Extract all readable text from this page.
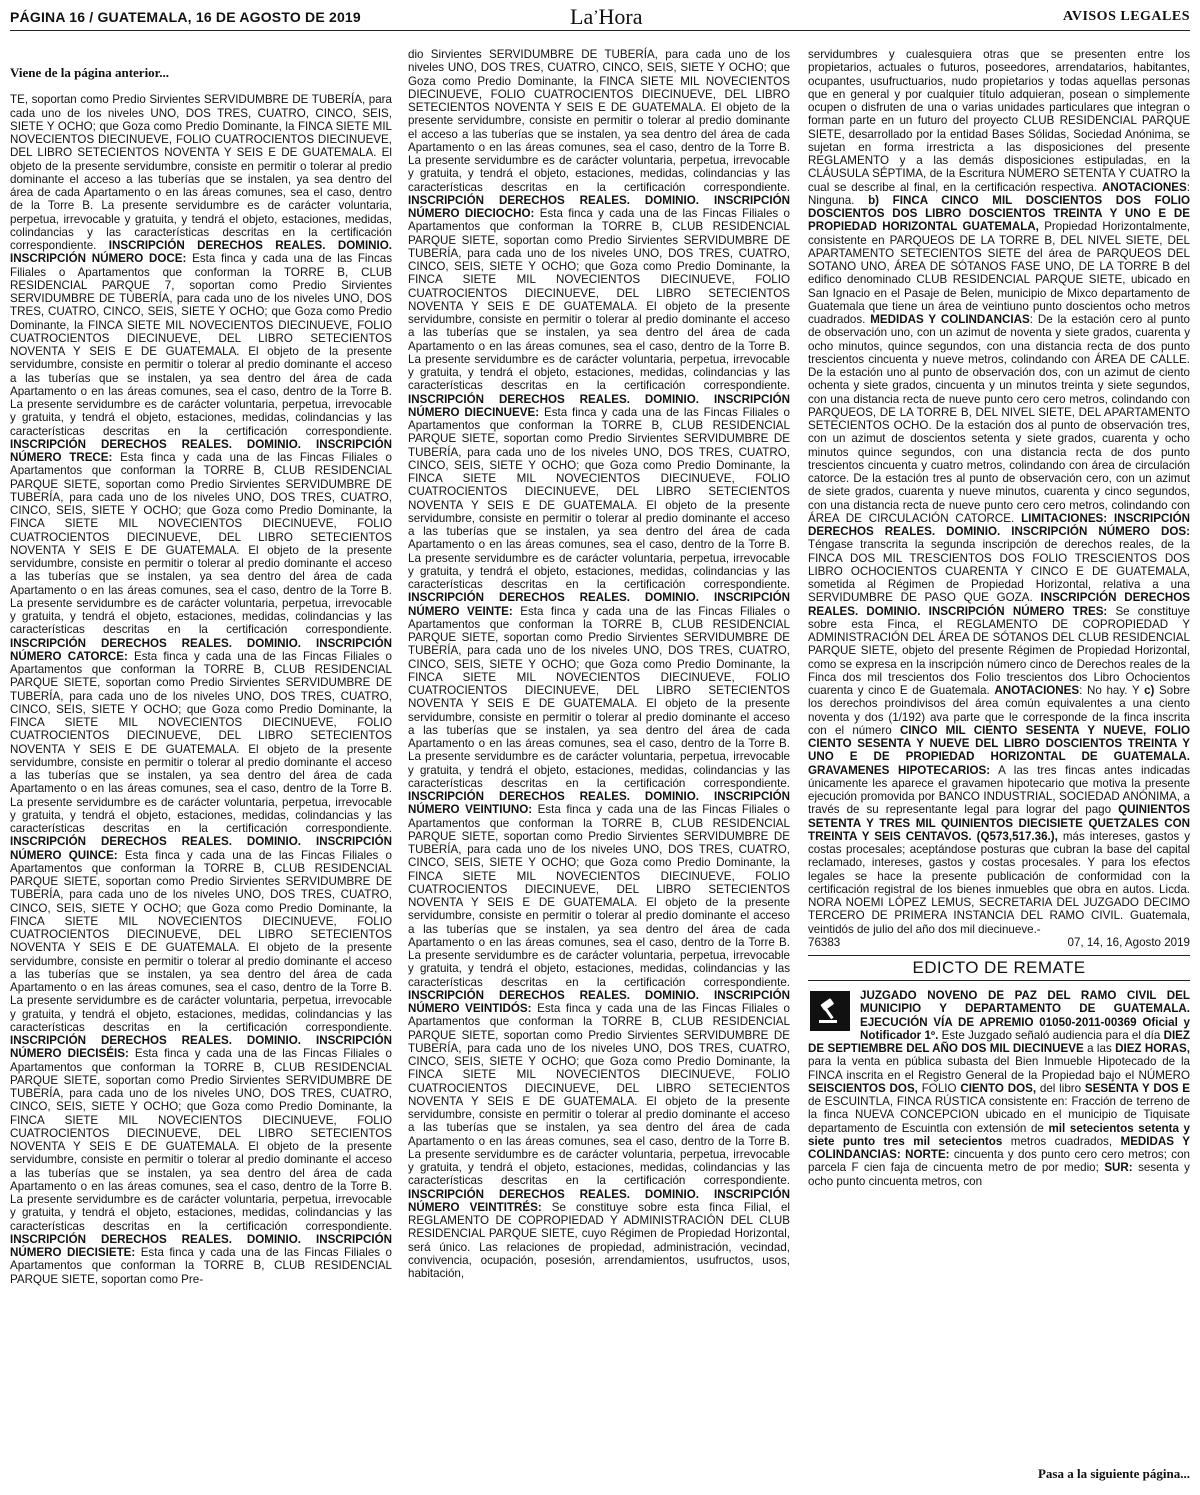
PÁGINA 16 / GUATEMALA, 16 DE AGOSTO DE 2019	La’Hora	AVISOS LEGALES
Viene de la página anterior...

TE, soportan como Predio Sirvientes SERVIDUMBRE DE TUBERÍA, para cada uno de los niveles UNO, DOS TRES, CUATRO, CINCO, SEIS, SIETE Y OCHO; que Goza como Predio Dominante, la FINCA SIETE MIL NOVECIENTOS DIECINUEVE, FOLIO CUATROCIENTOS DIECINUEVE, DEL LIBRO SETECIENTOS NOVENTA Y SEIS E DE GUATEMALA. El objeto de la presente servidumbre, consiste en permitir o tolerar al predio dominante el acceso a las tuberías que se instalen, ya sea dentro del área de cada Apartamento o en las áreas comunes, sea el caso, dentro de la Torre B. La presente servidumbre es de carácter voluntaria, perpetua, irrevocable y gratuita, y tendrá el objeto, estaciones, medidas, colindancias y las características descritas en la certificación correspondiente. INSCRIPCIÓN DERECHOS REALES. DOMINIO. INSCRIPCIÓN NÚMERO DOCE: Esta finca y cada una de las Fincas Filiales o Apartamentos que conforman la TORRE B, CLUB RESIDENCIAL PARQUE 7, soportan como Predio Sirvientes SERVIDUMBRE DE TUBERÍA, para cada uno de los niveles UNO, DOS TRES, CUATRO, CINCO, SEIS, SIETE Y OCHO; que Goza como Predio Dominante, la FINCA SIETE MIL NOVECIENTOS DIECINUEVE, FOLIO CUATROCIENTOS DIECINUEVE, DEL LIBRO SETECIENTOS NOVENTA Y SEIS E DE GUATEMALA. El objeto de la presente servidumbre, consiste en permitir o tolerar al predio dominante el acceso a las tuberías que se instalen, ya sea dentro del área de cada Apartamento o en las áreas comunes, sea el caso, dentro de la Torre B. La presente servidumbre es de carácter voluntaria, perpetua, irrevocable y gratuita, y tendrá el objeto, estaciones, medidas, colindancias y las características descritas en la certificación correspondiente. INSCRIPCIÓN DERECHOS REALES. DOMINIO. INSCRIPCIÓN NÚMERO TRECE: Esta finca y cada una de las Fincas Filiales o Apartamentos que conforman la TORRE B, CLUB RESIDENCIAL PARQUE SIETE, soportan como Predio Sirvientes SERVIDUMBRE DE TUBERÍA, para cada uno de los niveles UNO, DOS TRES, CUATRO, CINCO, SEIS, SIETE Y OCHO; que Goza como Predio Dominante, la FINCA SIETE MIL NOVECIENTOS DIECINUEVE, FOLIO CUATROCIENTOS DIECINUEVE, DEL LIBRO SETECIENTOS NOVENTA Y SEIS E DE GUATEMALA. El objeto de la presente servidumbre, consiste en permitir o tolerar al predio dominante el acceso a las tuberías que se instalen, ya sea dentro del área de cada Apartamento o en las áreas comunes, sea el caso, dentro de la Torre B. La presente servidumbre es de carácter voluntaria, perpetua, irrevocable y gratuita, y tendrá el objeto, estaciones, medidas, colindancias y las características descritas en la certificación correspondiente. INSCRIPCIÓN DERECHOS REALES. DOMINIO. INSCRIPCIÓN NÚMERO CATORCE: Esta finca y cada una de las Fincas Filiales o Apartamentos que conforman la TORRE B, CLUB RESIDENCIAL PARQUE SIETE, soportan como Predio Sirvientes SERVIDUMBRE DE TUBERÍA, para cada uno de los niveles UNO, DOS TRES, CUATRO, CINCO, SEIS, SIETE Y OCHO; que Goza como Predio Dominante, la FINCA SIETE MIL NOVECIENTOS DIECINUEVE, FOLIO CUATROCIENTOS DIECINUEVE, DEL LIBRO SETECIENTOS NOVENTA Y SEIS E DE GUATEMALA. El objeto de la presente servidumbre, consiste en permitir o tolerar al predio dominante el acceso a las tuberías que se instalen, ya sea dentro del área de cada Apartamento o en las áreas comunes, sea el caso, dentro de la Torre B. La presente servidumbre es de carácter voluntaria, perpetua, irrevocable y gratuita, y tendrá el objeto, estaciones, medidas, colindancias y las características descritas en la certificación correspondiente. INSCRIPCIÓN DERECHOS REALES. DOMINIO. INSCRIPCIÓN NÚMERO QUINCE: Esta finca y cada una de las Fincas Filiales o Apartamentos que conforman la TORRE B, CLUB RESIDENCIAL PARQUE SIETE, soportan como Predio Sirvientes SERVIDUMBRE DE TUBERÍA, para cada uno de los niveles UNO, DOS TRES, CUATRO, CINCO, SEIS, SIETE Y OCHO; que Goza como Predio Dominante, la FINCA SIETE MIL NOVECIENTOS DIECINUEVE, FOLIO CUATROCIENTOS DIECINUEVE, DEL LIBRO SETECIENTOS NOVENTA Y SEIS E DE GUATEMALA. El objeto de la presente servidumbre, consiste en permitir o tolerar al predio dominante el acceso a las tuberías que se instalen, ya sea dentro del área de cada Apartamento o en las áreas comunes, sea el caso, dentro de la Torre B. La presente servidumbre es de carácter voluntaria, perpetua, irrevocable y gratuita, y tendrá el objeto, estaciones, medidas, colindancias y las características descritas en la certificación correspondiente. INSCRIPCIÓN DERECHOS REALES. DOMINIO. INSCRIPCIÓN NÚMERO DIECISÉIS: Esta finca y cada una de las Fincas Filiales o Apartamentos que conforman la TORRE B, CLUB RESIDENCIAL PARQUE SIETE, soportan como Predio Sirvientes SERVIDUMBRE DE TUBERÍA, para cada uno de los niveles UNO, DOS TRES, CUATRO, CINCO, SEIS, SIETE Y OCHO; que Goza como Predio Dominante, la FINCA SIETE MIL NOVECIENTOS DIECINUEVE, FOLIO CUATROCIENTOS DIECINUEVE, DEL LIBRO SETECIENTOS NOVENTA Y SEIS E DE GUATEMALA. El objeto de la presente servidumbre, consiste en permitir o tolerar al predio dominante el acceso a las tuberías que se instalen, ya sea dentro del área de cada Apartamento o en las áreas comunes, sea el caso, dentro de la Torre B. La presente servidumbre es de carácter voluntaria, perpetua, irrevocable y gratuita, y tendrá el objeto, estaciones, medidas, colindancias y las características descritas en la certificación correspondiente. INSCRIPCIÓN DERECHOS REALES. DOMINIO. INSCRIPCIÓN NÚMERO DIECISIETE: Esta finca y cada una de las Fincas Filiales o Apartamentos que conforman la TORRE B, CLUB RESIDENCIAL PARQUE SIETE, soportan como Pre-

dio Sirvientes SERVIDUMBRE DE TUBERÍA, para cada uno de los niveles UNO, DOS TRES, CUATRO, CINCO, SEIS, SIETE Y OCHO; que Goza como Predio Dominante, la FINCA SIETE MIL NOVECIENTOS DIECINUEVE, FOLIO CUATROCIENTOS DIECINUEVE, DEL LIBRO SETECIENTOS NOVENTA Y SEIS E DE GUATEMALA. El objeto de la presente servidumbre, consiste en permitir o tolerar al predio dominante el acceso a las tuberías que se instalen, ya sea dentro del área de cada Apartamento o en las áreas comunes, sea el caso, dentro de la Torre B. La presente servidumbre es de carácter voluntaria, perpetua, irrevocable y gratuita, y tendrá el objeto, estaciones, medidas, colindancias y las características descritas en la certificación correspondiente. INSCRIPCIÓN DERECHOS REALES. DOMINIO. INSCRIPCIÓN NÚMERO DIECIOCHO: Esta finca y cada una de las Fincas Filiales o Apartamentos que conforman la TORRE B, CLUB RESIDENCIAL PARQUE SIETE, soportan como Predio Sirvientes SERVIDUMBRE DE TUBERÍA, para cada uno de los niveles UNO, DOS TRES, CUATRO, CINCO, SEIS, SIETE Y OCHO; que Goza como Predio Dominante, la FINCA SIETE MIL NOVECIENTOS DIECINUEVE, FOLIO CUATROCIENTOS DIECINUEVE, DEL LIBRO SETECIENTOS NOVENTA Y SEIS E DE GUATEMALA. El objeto de la presente servidumbre, consiste en permitir o tolerar al predio dominante el acceso a las tuberías que se instalen, ya sea dentro del área de cada Apartamento o en las áreas comunes, sea el caso, dentro de la Torre B. La presente servidumbre es de carácter voluntaria, perpetua, irrevocable y gratuita, y tendrá el objeto, estaciones, medidas, colindancias y las características descritas en la certificación correspondiente. INSCRIPCIÓN DERECHOS REALES. DOMINIO. INSCRIPCIÓN NÚMERO DIECINUEVE: Esta finca y cada una de las Fincas Filiales o Apartamentos que conforman la TORRE B, CLUB RESIDENCIAL PARQUE SIETE, soportan como Predio Sirvientes SERVIDUMBRE DE TUBERÍA, para cada uno de los niveles UNO, DOS TRES, CUATRO, CINCO, SEIS, SIETE Y OCHO; que Goza como Predio Dominante, la FINCA SIETE MIL NOVECIENTOS DIECINUEVE, FOLIO CUATROCIENTOS DIECINUEVE, DEL LIBRO SETECIENTOS NOVENTA Y SEIS E DE GUATEMALA. El objeto de la presente servidumbre, consiste en permitir o tolerar al predio dominante el acceso a las tuberías que se instalen, ya sea dentro del área de cada Apartamento o en las áreas comunes, sea el caso, dentro de la Torre B. La presente servidumbre es de carácter voluntaria, perpetua, irrevocable y gratuita, y tendrá el objeto, estaciones, medidas, colindancias y las características descritas en la certificación correspondiente. INSCRIPCIÓN DERECHOS REALES. DOMINIO. INSCRIPCIÓN NÚMERO VEINTE: Esta finca y cada una de las Fincas Filiales o Apartamentos que conforman la TORRE B, CLUB RESIDENCIAL PARQUE SIETE, soportan como Predio Sirvientes SERVIDUMBRE DE TUBERÍA, para cada uno de los niveles UNO, DOS TRES, CUATRO, CINCO, SEIS, SIETE Y OCHO; que Goza como Predio Dominante, la FINCA SIETE MIL NOVECIENTOS DIECINUEVE, FOLIO CUATROCIENTOS DIECINUEVE, DEL LIBRO SETECIENTOS NOVENTA Y SEIS E DE GUATEMALA. El objeto de la presente servidumbre, consiste en permitir o tolerar al predio dominante el acceso a las tuberías que se instalen, ya sea dentro del área de cada Apartamento o en las áreas comunes, sea el caso, dentro de la Torre B. La presente servidumbre es de carácter voluntaria, perpetua, irrevocable y gratuita, y tendrá el objeto, estaciones, medidas, colindancias y las características descritas en la certificación correspondiente. INSCRIPCIÓN DERECHOS REALES. DOMINIO. INSCRIPCIÓN NÚMERO VEINTIUNO: Esta finca y cada una de las Fincas Filiales o Apartamentos que conforman la TORRE B, CLUB RESIDENCIAL PARQUE SIETE, soportan como Predio Sirvientes SERVIDUMBRE DE TUBERÍA, para cada uno de los niveles UNO, DOS TRES, CUATRO, CINCO, SEIS, SIETE Y OCHO; que Goza como Predio Dominante, la FINCA SIETE MIL NOVECIENTOS DIECINUEVE, FOLIO CUATROCIENTOS DIECINUEVE, DEL LIBRO SETECIENTOS NOVENTA Y SEIS E DE GUATEMALA. El objeto de la presente servidumbre, consiste en permitir o tolerar al predio dominante el acceso a las tuberías que se instalen, ya sea dentro del área de cada Apartamento o en las áreas comunes, sea el caso, dentro de la Torre B. La presente servidumbre es de carácter voluntaria, perpetua, irrevocable y gratuita, y tendrá el objeto, estaciones, medidas, colindancias y las características descritas en la certificación correspondiente. INSCRIPCIÓN DERECHOS REALES. DOMINIO. INSCRIPCIÓN NÚMERO VEINTIDÓS: Esta finca y cada una de las Fincas Filiales o Apartamentos que conforman la TORRE B, CLUB RESIDENCIAL PARQUE SIETE, soportan como Predio Sirvientes SERVIDUMBRE DE TUBERÍA, para cada uno de los niveles UNO, DOS TRES, CUATRO, CINCO, SEIS, SIETE Y OCHO; que Goza como Predio Dominante, la FINCA SIETE MIL NOVECIENTOS DIECINUEVE, FOLIO CUATROCIENTOS DIECINUEVE, DEL LIBRO SETECIENTOS NOVENTA Y SEIS E DE GUATEMALA. El objeto de la presente servidumbre, consiste en permitir o tolerar al predio dominante el acceso a las tuberías que se instalen, ya sea dentro del área de cada Apartamento o en las áreas comunes, sea el caso, dentro de la Torre B. La presente servidumbre es de carácter voluntaria, perpetua, irrevocable y gratuita, y tendrá el objeto, estaciones, medidas, colindancias y las características descritas en la certificación correspondiente. INSCRIPCIÓN DERECHOS REALES. DOMINIO. INSCRIPCIÓN NÚMERO VEINTITRÉS: Se constituye sobre esta finca Filial, el REGLAMENTO DE COPROPIEDAD Y ADMINISTRACIÓN DEL CLUB RESIDENCIAL PARQUE SIETE, cuyo Régimen de Propiedad Horizontal, será único. Las relaciones de propiedad, administración, vecindad, convivencia, ocupación, posesión, arrendamientos, usufructos, usos, habitación,

servidumbres y cualesquiera otras que se presenten entre los propietarios, actuales o futuros, poseedores, arrendatarios, habitantes, ocupantes, usufructuarios, nudo propietarios y todas aquellas personas que en general y por cualquier título adquieran, posean o simplemente ocupen o disfruten de una o varias unidades particulares que integran o forman parte en un futuro del proyecto CLUB RESIDENCIAL PARQUE SIETE, desarrollado por la entidad Bases Sólidas, Sociedad Anónima, se sujetan en forma irrestricta a las disposiciones del presente REGLAMENTO y a las demás disposiciones estipuladas, en la CLÁUSULA SÉPTIMA, de la Escritura NÚMERO SETENTA Y CUATRO la cual se describe al final, en la certificación respectiva. ANOTACIONES: Ninguna. b) FINCA CINCO MIL DOSCIENTOS DOS FOLIO DOSCIENTOS DOS LIBRO DOSCIENTOS TREINTA Y UNO E DE PROPIEDAD HORIZONTAL GUATEMALA, Propiedad Horizontalmente, consistente en PARQUEOS DE LA TORRE B, DEL NIVEL SIETE, DEL APARTAMENTO SETECIENTOS SIETE del área de PARQUEOS DEL SOTANO UNO, ÁREA DE SÓTANOS FASE UNO, DE LA TORRE B del edifico denominado CLUB RESIDENCIAL PARQUE SIETE, ubicado en San Ignacio en el Pasaje de Belen, municipio de Mixco departamento de Guatemala que tiene un área de veintiuno punto doscientos ocho metros cuadrados. MEDIDAS Y COLINDANCIAS: De la estación cero al punto de observación uno, con un azimut de noventa y siete grados, cuarenta y ocho minutos, quince segundos, con una distancia recta de dos punto trescientos cincuenta y nueve metros, colindando con ÁREA DE CALLE. De la estación uno al punto de observación dos, con un azimut de ciento ochenta y siete grados, cincuenta y un minutos treinta y siete segundos, con una distancia recta de nueve punto cero cero metros, colindando con PARQUEOS, DE LA TORRE B, DEL NIVEL SIETE, DEL APARTAMENTO SETECIENTOS OCHO. De la estación dos al punto de observación tres, con un azimut de doscientos setenta y siete grados, cuarenta y ocho minutos quince segundos, con una distancia recta de dos punto trescientos cincuenta y cuatro metros, colindando con área de circulación catorce. De la estación tres al punto de observación cero, con un azimut de siete grados, cuarenta y nueve minutos, cuarenta y cinco segundos, con una distancia recta de nueve punto cero cero metros, colindando con ÁREA DE CIRCULACIÓN CATORCE. LIMITACIONES: INSCRIPCIÓN DERECHOS REALES. DOMINIO. INSCRIPCIÓN NÚMERO DOS: Téngase transcrita la segunda inscripción de derechos reales, de la FINCA DOS MIL TRESCIENTOS DOS FOLIO TRESCIENTOS DOS LIBRO OCHOCIENTOS CUARENTA Y CINCO E DE GUATEMALA, sometida al Régimen de Propiedad Horizontal, relativa a una SERVIDUMBRE DE PASO QUE GOZA. INSCRIPCIÓN DERECHOS REALES. DOMINIO. INSCRIPCIÓN NÚMERO TRES: Se constituye sobre esta Finca, el REGLAMENTO DE COPROPIEDAD Y ADMINISTRACIÓN DEL ÁREA DE SÓTANOS DEL CLUB RESIDENCIAL PARQUE SIETE, objeto del presente Régimen de Propiedad Horizontal, como se expresa en la inscripción número cinco de Derechos reales de la Finca dos mil trescientos dos Folio trescientos dos Libro Ochocientos cuarenta y cinco E de Guatemala. ANOTACIONES: No hay. Y c) Sobre los derechos proindivisos del área común equivalentes a una ciento noventa y dos (1/192) ava parte que le corresponde de la finca inscrita con el número CINCO MIL CIENTO SESENTA Y NUEVE, FOLIO CIENTO SESENTA Y NUEVE DEL LIBRO DOSCIENTOS TREINTA Y UNO E DE PROPIEDAD HORIZONTAL DE GUATEMALA. GRAVAMENES HIPOTECARIOS: A las tres fincas antes indicadas únicamente les aparece el gravamen hipotecario que motiva la presente ejecución promovida por BANCO INDUSTRIAL, SOCIEDAD ANÓNIMA, a través de su representante legal para lograr del pago QUINIENTOS SETENTA Y TRES MIL QUINIENTOS DIECISIETE QUETZALES CON TREINTA Y SEIS CENTAVOS. (Q573,517.36.), más intereses, gastos y costas procesales; aceptándose posturas que cubran la base del capital reclamado, intereses, gastos y costas procesales. Y para los efectos legales se hace la presente publicación de conformidad con la certificación registral de los bienes inmuebles que obra en autos. Licda. NORA NOEMI LÓPEZ LEMUS, SECRETARIA DEL JUZGADO DECIMO TERCERO DE PRIMERA INSTANCIA DEL RAMO CIVIL. Guatemala, veintidós de julio del año dos mil diecinueve.-

76383	07, 14, 16, Agosto 2019
EDICTO DE REMATE

JUZGADO NOVENO DE PAZ DEL RAMO CIVIL DEL MUNICIPIO Y DEPARTAMENTO DE GUATEMALA. EJECUCIÓN VÍA DE APREMIO 01050-2011-00369 Oficial y Notificador 1º. Este Juzgado señaló audiencia para el día DIEZ DE SEPTIEMBRE DEL AÑO DOS MIL DIECINUEVE a las DIEZ HORAS, para la venta en pública subasta del Bien Inmueble Hipotecado de la FINCA inscrita en el Registro General de la Propiedad bajo el NÚMERO SEISCIENTOS DOS, FOLIO CIENTO DOS, del libro SESENTA Y DOS E de ESCUINTLA, FINCA RÚSTICA consistente en: Fracción de terreno de la finca NUEVA CONCEPCION ubicado en el municipio de Tiquisate departamento de Escuintla con extensión de mil setecientos setenta y siete punto tres mil setecientos metros cuadrados, MEDIDAS Y COLINDANCIAS: NORTE: cincuenta y dos punto cero cero metros; con parcela F cien faja de cincuenta metro de por medio; SUR: sesenta y ocho punto cincuenta metros, con

Pasa a la siguiente página...
